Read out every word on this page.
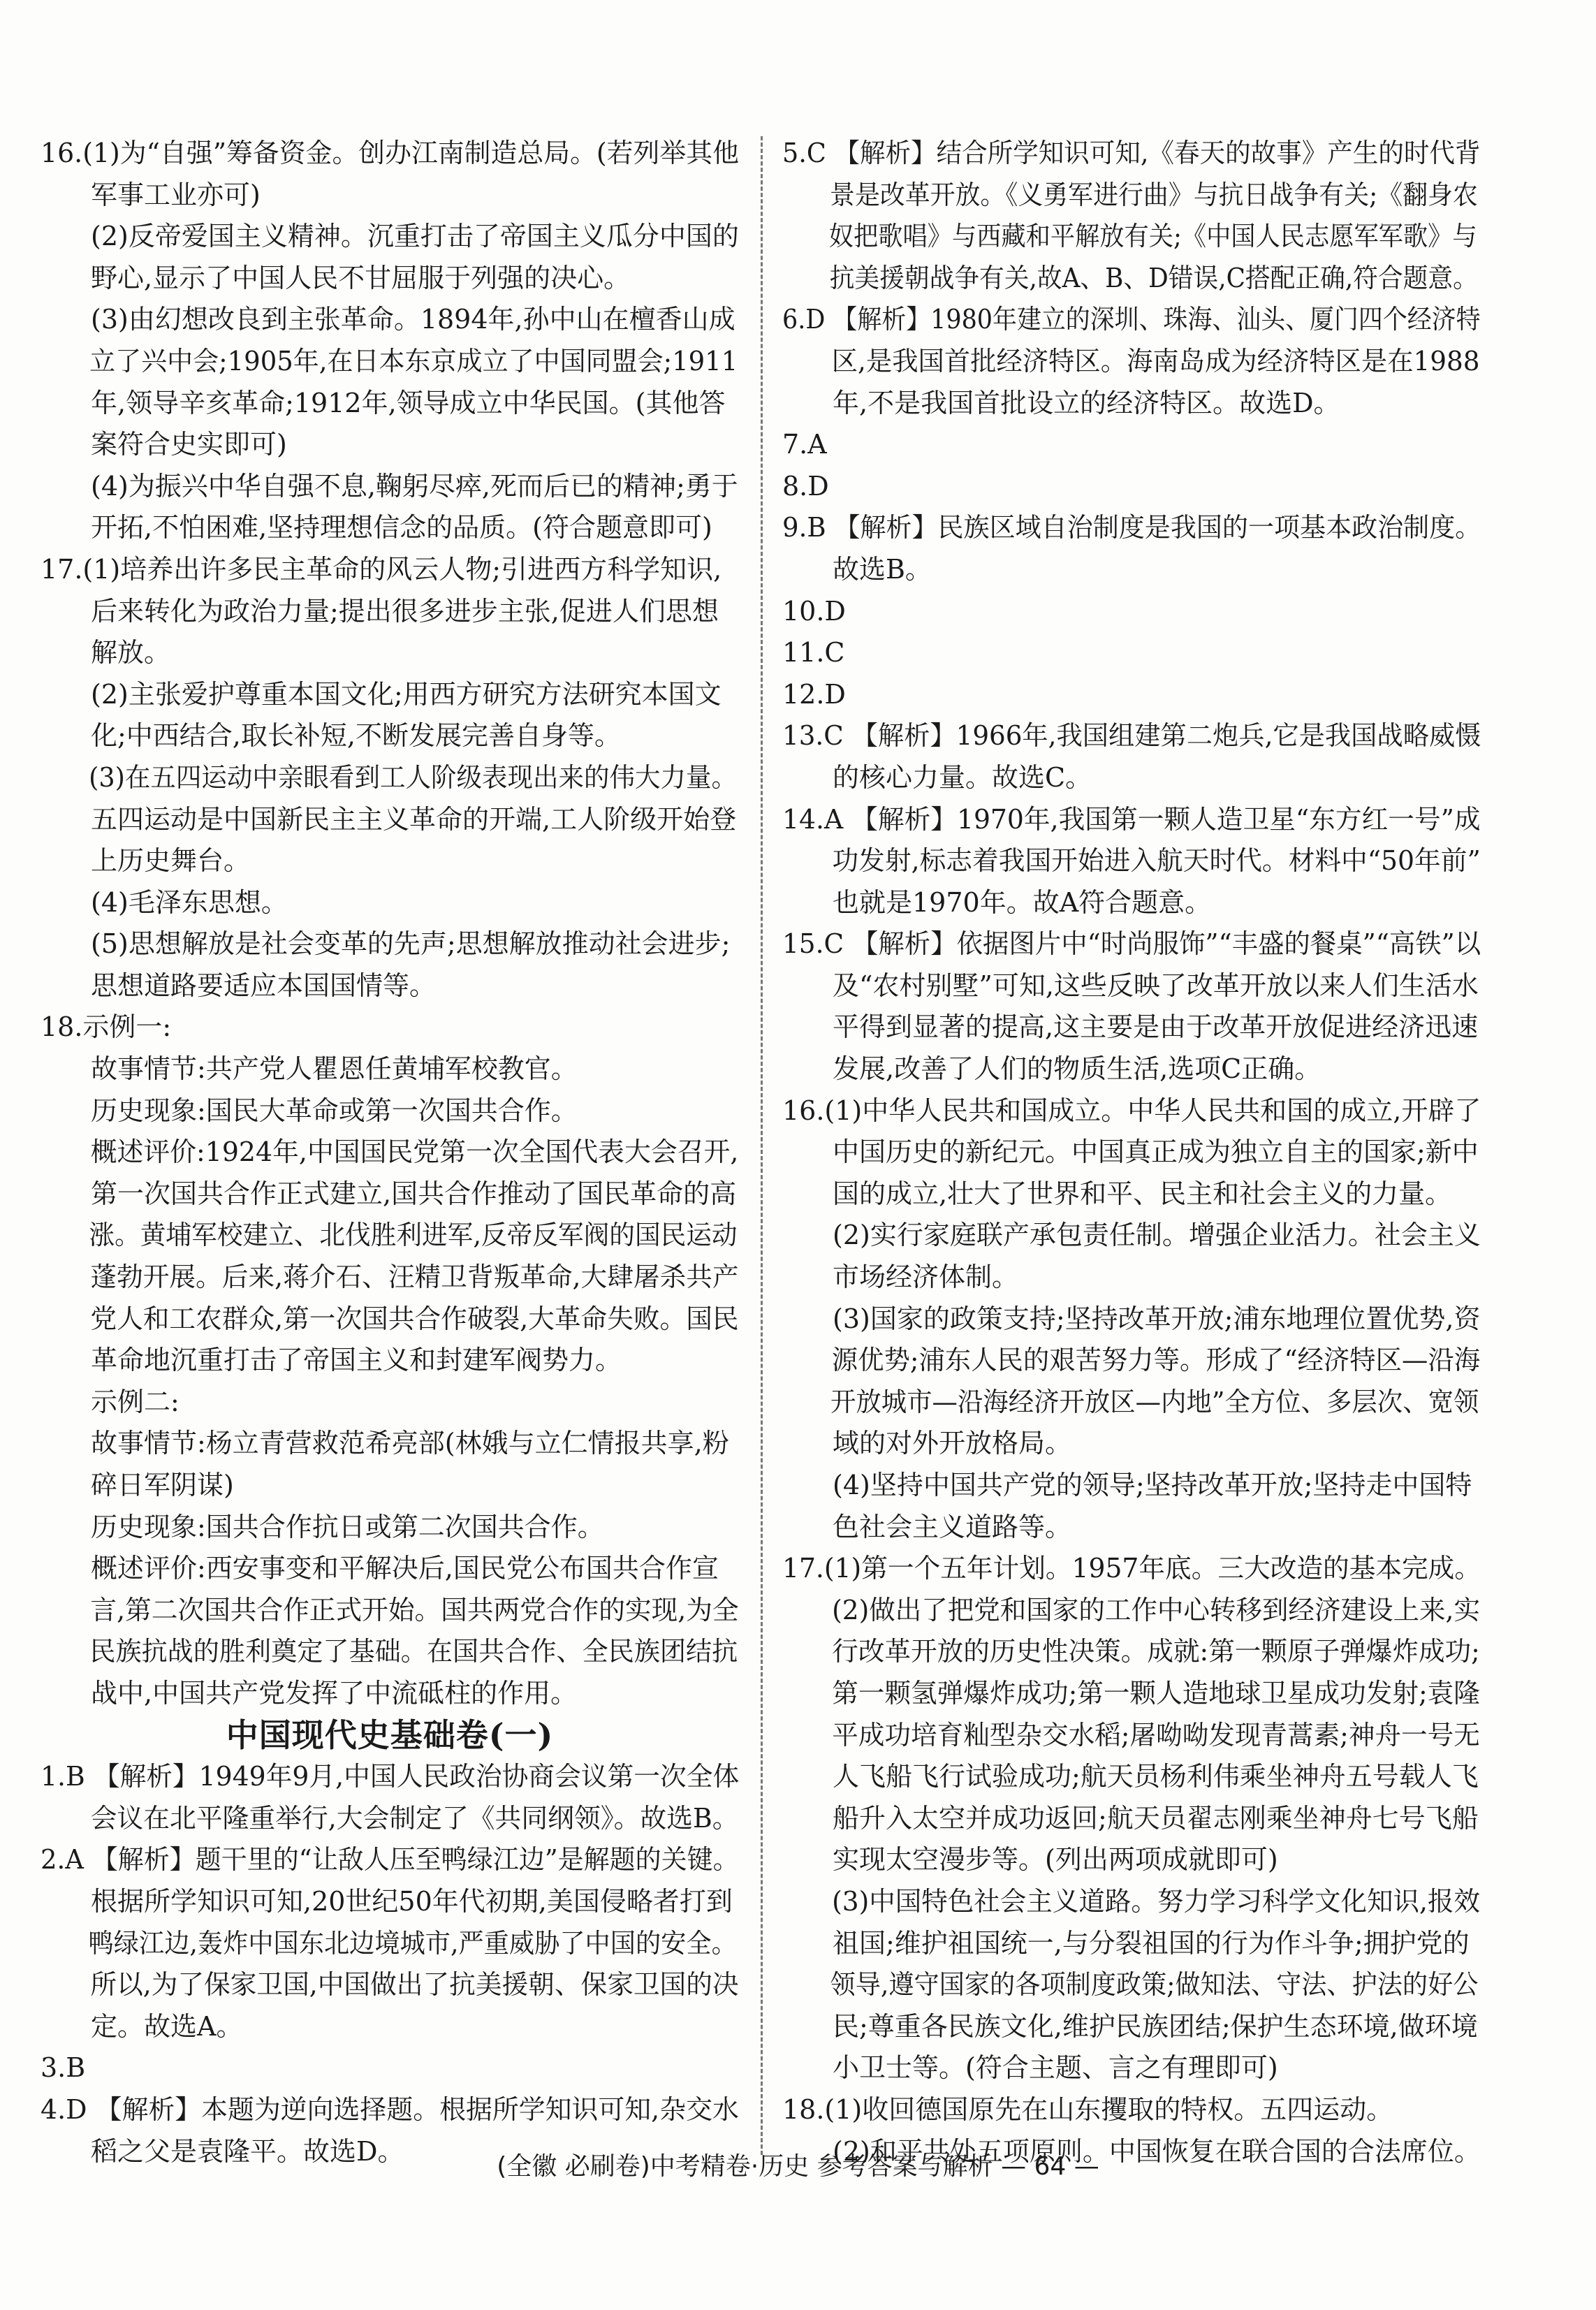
16.(1)为“自强”筹备资金。创办江南制造总局。(若列举其他
军事工业亦可)
(2)反帝爱国主义精神。沉重打击了帝国主义瓜分中国的
野心,显示了中国人民不甘屈服于列强的决心。
(3)由幻想改良到主张革命。1894年,孙中山在檀香山成
立了兴中会;1905年,在日本东京成立了中国同盟会;1911
年,领导辛亥革命;1912年,领导成立中华民国。(其他答
案符合史实即可)
(4)为振兴中华自强不息,鞠躬尽瘁,死而后已的精神;勇于
开拓,不怕困难,坚持理想信念的品质。(符合题意即可)
17.(1)培养出许多民主革命的风云人物;引进西方科学知识,
后来转化为政治力量;提出很多进步主张,促进人们思想
解放。
(2)主张爱护尊重本国文化;用西方研究方法研究本国文
化;中西结合,取长补短,不断发展完善自身等。
(3)在五四运动中亲眼看到工人阶级表现出来的伟大力量。
五四运动是中国新民主主义革命的开端,工人阶级开始登
上历史舞台。
(4)毛泽东思想。
(5)思想解放是社会变革的先声;思想解放推动社会进步;
思想道路要适应本国国情等。
18.示例一:
故事情节:共产党人瞿恩任黄埔军校教官。
历史现象:国民大革命或第一次国共合作。
概述评价:1924年,中国国民党第一次全国代表大会召开,
第一次国共合作正式建立,国共合作推动了国民革命的高
涨。黄埔军校建立、北伐胜利进军,反帝反军阀的国民运动
蓬勃开展。后来,蒋介石、汪精卫背叛革命,大肆屠杀共产
党人和工农群众,第一次国共合作破裂,大革命失败。国民
革命地沉重打击了帝国主义和封建军阀势力。
示例二:
故事情节:杨立青营救范希亮部(林娥与立仁情报共享,粉
碎日军阴谋)
历史现象:国共合作抗日或第二次国共合作。
概述评价:西安事变和平解决后,国民党公布国共合作宣
言,第二次国共合作正式开始。国共两党合作的实现,为全
民族抗战的胜利奠定了基础。在国共合作、全民族团结抗
战中,中国共产党发挥了中流砥柱的作用。
中国现代史基础卷(一)
1.B 【解析】1949年9月,中国人民政治协商会议第一次全体
会议在北平隆重举行,大会制定了《共同纲领》。故选B。
2.A 【解析】题干里的“让敌人压至鸭绿江边”是解题的关键。
根据所学知识可知,20世纪50年代初期,美国侵略者打到
鸭绿江边,轰炸中国东北边境城市,严重威胁了中国的安全。
所以,为了保家卫国,中国做出了抗美援朝、保家卫国的决
定。故选A。
3.B
4.D 【解析】本题为逆向选择题。根据所学知识可知,杂交水
稻之父是袁隆平。故选D。
5.C 【解析】结合所学知识可知,《春天的故事》产生的时代背
景是改革开放。《义勇军进行曲》与抗日战争有关;《翻身农
奴把歌唱》与西藏和平解放有关;《中国人民志愿军军歌》与
抗美援朝战争有关,故A、B、D错误,C搭配正确,符合题意。
6.D 【解析】1980年建立的深圳、珠海、汕头、厦门四个经济特
区,是我国首批经济特区。海南岛成为经济特区是在1988
年,不是我国首批设立的经济特区。故选D。
7.A
8.D
9.B 【解析】民族区域自治制度是我国的一项基本政治制度。
故选B。
10.D
11.C
12.D
13.C 【解析】1966年,我国组建第二炮兵,它是我国战略威慑
的核心力量。故选C。
14.A 【解析】1970年,我国第一颗人造卫星“东方红一号”成
功发射,标志着我国开始进入航天时代。材料中“50年前”
也就是1970年。故A符合题意。
15.C 【解析】依据图片中“时尚服饰”“丰盛的餐桌”“高铁”以
及“农村别墅”可知,这些反映了改革开放以来人们生活水
平得到显著的提高,这主要是由于改革开放促进经济迅速
发展,改善了人们的物质生活,选项C正确。
16.(1)中华人民共和国成立。中华人民共和国的成立,开辟了
中国历史的新纪元。中国真正成为独立自主的国家;新中
国的成立,壮大了世界和平、民主和社会主义的力量。
(2)实行家庭联产承包责任制。增强企业活力。社会主义
市场经济体制。
(3)国家的政策支持;坚持改革开放;浦东地理位置优势,资
源优势;浦东人民的艰苦努力等。形成了“经济特区—沿海
开放城市—沿海经济开放区—内地”全方位、多层次、宽领
域的对外开放格局。
(4)坚持中国共产党的领导;坚持改革开放;坚持走中国特
色社会主义道路等。
17.(1)第一个五年计划。1957年底。三大改造的基本完成。
(2)做出了把党和国家的工作中心转移到经济建设上来,实
行改革开放的历史性决策。成就:第一颗原子弹爆炸成功;
第一颗氢弹爆炸成功;第一颗人造地球卫星成功发射;袁隆
平成功培育籼型杂交水稻;屠呦呦发现青蒿素;神舟一号无
人飞船飞行试验成功;航天员杨利伟乘坐神舟五号载人飞
船升入太空并成功返回;航天员翟志刚乘坐神舟七号飞船
实现太空漫步等。(列出两项成就即可)
(3)中国特色社会主义道路。努力学习科学文化知识,报效
祖国;维护祖国统一,与分裂祖国的行为作斗争;拥护党的
领导,遵守国家的各项制度政策;做知法、守法、护法的好公
民;尊重各民族文化,维护民族团结;保护生态环境,做环境
小卫士等。(符合主题、言之有理即可)
18.(1)收回德国原先在山东攫取的特权。五四运动。
(2)和平共处五项原则。中国恢复在联合国的合法席位。
(全徽 必刷卷)中考精卷·历史 参考答案与解析 — 64 —
